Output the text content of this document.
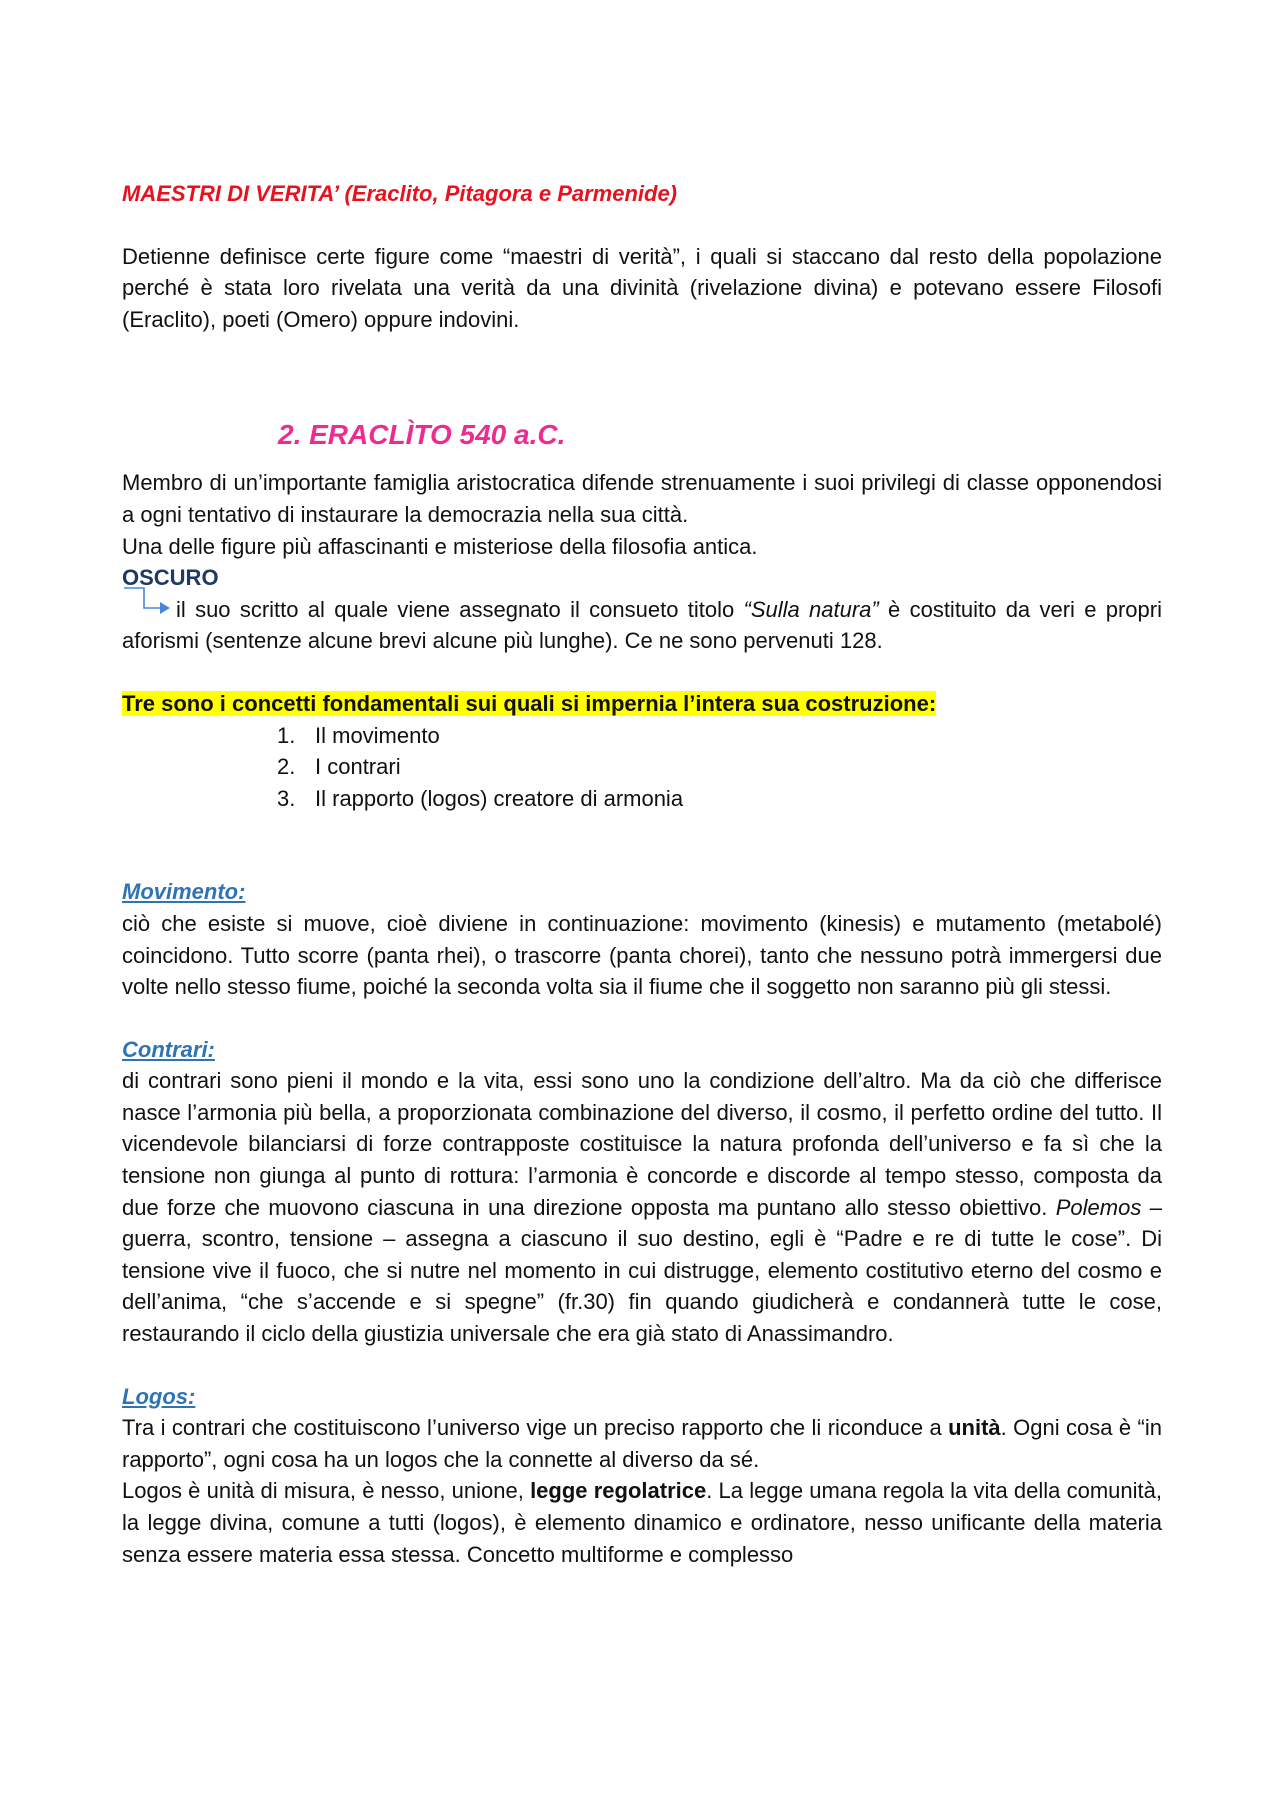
MAESTRI DI VERITA’ (Eraclito, Pitagora e Parmenide)

Detienne definisce certe figure come “maestri di verità”, i quali si staccano dal resto della popolazione perché è stata loro rivelata una verità da una divinità (rivelazione divina) e potevano essere Filosofi (Eraclito), poeti (Omero) oppure indovini.

2. ERACLÌTO 540 a.C.

Membro di un’importante famiglia aristocratica difende strenuamente i suoi privilegi di classe opponendosi a ogni tentativo di instaurare la democrazia nella sua città.

Una delle figure più affascinanti e misteriose della filosofia antica.

OSCURO

il suo scritto al quale viene assegnato il consueto titolo “Sulla natura” è costituito da veri e propri aforismi (sentenze alcune brevi alcune più lunghe). Ce ne sono pervenuti 128.

Tre sono i concetti fondamentali sui quali si impernia l’intera sua costruzione:

1. Il movimento
2. I contrari
3. Il rapporto (logos) creatore di armonia

Movimento:

ciò che esiste si muove, cioè diviene in continuazione: movimento (kinesis) e mutamento (metabolé) coincidono. Tutto scorre (panta rhei), o trascorre (panta chorei), tanto che nessuno potrà immergersi due volte nello stesso fiume, poiché la seconda volta sia il fiume che il soggetto non saranno più gli stessi.

Contrari:

di contrari sono pieni il mondo e la vita, essi sono uno la condizione dell’altro. Ma da ciò che differisce nasce l’armonia più bella, a proporzionata combinazione del diverso, il cosmo, il perfetto ordine del tutto. Il vicendevole bilanciarsi di forze contrapposte costituisce la natura profonda dell’universo e fa sì che la tensione non giunga al punto di rottura: l’armonia è concorde e discorde al tempo stesso, composta da due forze che muovono ciascuna in una direzione opposta ma puntano allo stesso obiettivo. Polemos – guerra, scontro, tensione – assegna a ciascuno il suo destino, egli è “Padre e re di tutte le cose”. Di tensione vive il fuoco, che si nutre nel momento in cui distrugge, elemento costitutivo eterno del cosmo e dell’anima, “che s’accende e si spegne” (fr.30) fin quando giudicherà e condannerà tutte le cose, restaurando il ciclo della giustizia universale che era già stato di Anassimandro.

Logos:

Tra i contrari che costituiscono l’universo vige un preciso rapporto che li riconduce a unità. Ogni cosa è “in rapporto”, ogni cosa ha un logos che la connette al diverso da sé.

Logos è unità di misura, è nesso, unione, legge regolatrice. La legge umana regola la vita della comunità, la legge divina, comune a tutti (logos), è elemento dinamico e ordinatore, nesso unificante della materia senza essere materia essa stessa. Concetto multiforme e complesso
